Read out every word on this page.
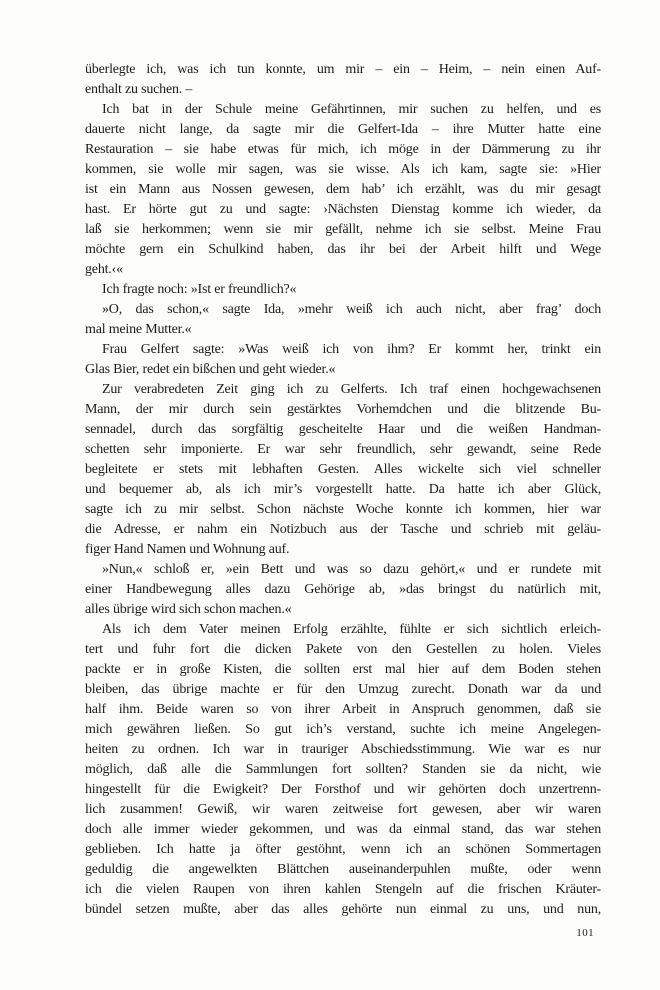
überlegte ich, was ich tun konnte, um mir – ein – Heim, – nein einen Auf-
enthalt zu suchen. –
Ich bat in der Schule meine Gefährtinnen, mir suchen zu helfen, und es
dauerte nicht lange, da sagte mir die Gelfert-Ida – ihre Mutter hatte eine
Restauration – sie habe etwas für mich, ich möge in der Dämmerung zu ihr
kommen, sie wolle mir sagen, was sie wisse. Als ich kam, sagte sie: »Hier
ist ein Mann aus Nossen gewesen, dem hab’ ich erzählt, was du mir gesagt
hast. Er hörte gut zu und sagte: ›Nächsten Dienstag komme ich wieder, da
laß sie herkommen; wenn sie mir gefällt, nehme ich sie selbst. Meine Frau
möchte gern ein Schulkind haben, das ihr bei der Arbeit hilft und Wege
geht.‹«
Ich fragte noch: »Ist er freundlich?«
»O, das schon,« sagte Ida, »mehr weiß ich auch nicht, aber frag’ doch
mal meine Mutter.«
Frau Gelfert sagte: »Was weiß ich von ihm? Er kommt her, trinkt ein
Glas Bier, redet ein bißchen und geht wieder.«
Zur verabredeten Zeit ging ich zu Gelferts. Ich traf einen hochgewachsenen
Mann, der mir durch sein gestärktes Vorhemdchen und die blitzende Bu-
sennadel, durch das sorgfältig gescheitelte Haar und die weißen Handman-
schetten sehr imponierte. Er war sehr freundlich, sehr gewandt, seine Rede
begleitete er stets mit lebhaften Gesten. Alles wickelte sich viel schneller
und bequemer ab, als ich mir’s vorgestellt hatte. Da hatte ich aber Glück,
sagte ich zu mir selbst. Schon nächste Woche konnte ich kommen, hier war
die Adresse, er nahm ein Notizbuch aus der Tasche und schrieb mit geläu-
figer Hand Namen und Wohnung auf.
»Nun,« schloß er, »ein Bett und was so dazu gehört,« und er rundete mit
einer Handbewegung alles dazu Gehörige ab, »das bringst du natürlich mit,
alles übrige wird sich schon machen.«
Als ich dem Vater meinen Erfolg erzählte, fühlte er sich sichtlich erleich-
tert und fuhr fort die dicken Pakete von den Gestellen zu holen. Vieles
packte er in große Kisten, die sollten erst mal hier auf dem Boden stehen
bleiben, das übrige machte er für den Umzug zurecht. Donath war da und
half ihm. Beide waren so von ihrer Arbeit in Anspruch genommen, daß sie
mich gewähren ließen. So gut ich’s verstand, suchte ich meine Angelegen-
heiten zu ordnen. Ich war in trauriger Abschiedsstimmung. Wie war es nur
möglich, daß alle die Sammlungen fort sollten? Standen sie da nicht, wie
hingestellt für die Ewigkeit? Der Forsthof und wir gehörten doch unzertrenn-
lich zusammen! Gewiß, wir waren zeitweise fort gewesen, aber wir waren
doch alle immer wieder gekommen, und was da einmal stand, das war stehen
geblieben. Ich hatte ja öfter gestöhnt, wenn ich an schönen Sommertagen
geduldig die angewelkten Blättchen auseinanderpuhlen mußte, oder wenn
ich die vielen Raupen von ihren kahlen Stengeln auf die frischen Kräuter-
bündel setzen mußte, aber das alles gehörte nun einmal zu uns, und nun,
101
